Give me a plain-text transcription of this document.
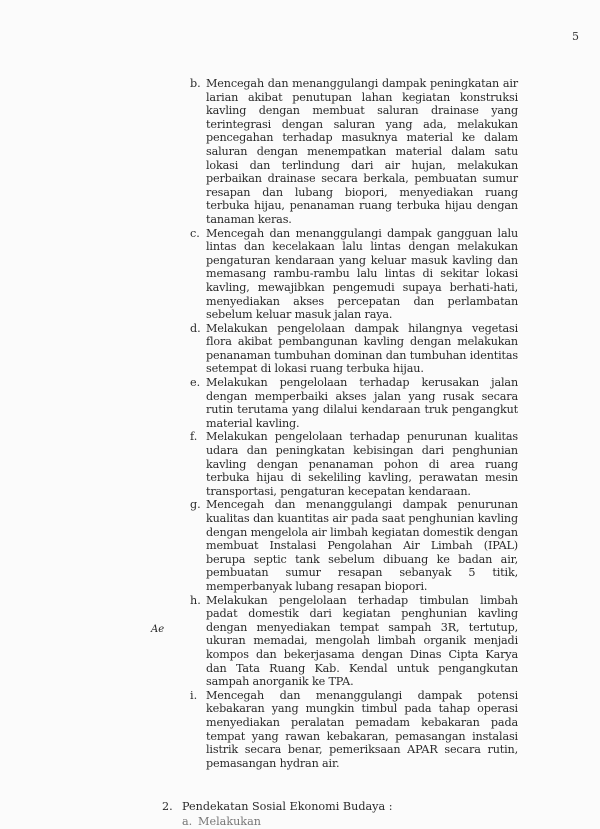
5
Ae
b. Mencegah dan menanggulangi dampak peningkatan air larian akibat penutupan lahan kegiatan konstruksi kavling dengan membuat saluran drainase yang terintegrasi dengan saluran yang ada, melakukan pencegahan terhadap masuknya material ke dalam saluran dengan menempatkan material dalam satu lokasi dan terlindung dari air hujan, melakukan perbaikan drainase secara berkala, pembuatan sumur resapan dan lubang biopori, menyediakan ruang terbuka hijau, penanaman ruang terbuka hijau dengan tanaman keras.
c. Mencegah dan menanggulangi dampak gangguan lalu lintas dan kecelakaan lalu lintas dengan melakukan pengaturan kendaraan yang keluar masuk kavling dan memasang rambu-rambu lalu lintas di sekitar lokasi kavling, mewajibkan pengemudi supaya berhati-hati, menyediakan akses percepatan dan perlambatan sebelum keluar masuk jalan raya.
d. Melakukan pengelolaan dampak hilangnya vegetasi flora akibat pembangunan kavling dengan melakukan penanaman tumbuhan dominan dan tumbuhan identitas setempat di lokasi ruang terbuka hijau.
e. Melakukan pengelolaan terhadap kerusakan jalan dengan memperbaiki akses jalan yang rusak secara rutin terutama yang dilalui kendaraan truk pengangkut material kavling.
f. Melakukan pengelolaan terhadap penurunan kualitas udara dan peningkatan kebisingan dari penghunian kavling dengan penanaman pohon di area ruang terbuka hijau di sekeliling kavling, perawatan mesin transportasi, pengaturan kecepatan kendaraan.
g. Mencegah dan menanggulangi dampak penurunan kualitas dan kuantitas air pada saat penghunian kavling dengan mengelola air limbah kegiatan domestik dengan membuat Instalasi Pengolahan Air Limbah (IPAL) berupa septic tank sebelum dibuang ke badan air, pembuatan sumur resapan sebanyak 5 titik, memperbanyak lubang resapan biopori.
h. Melakukan pengelolaan terhadap timbulan limbah padat domestik dari kegiatan penghunian kavling dengan menyediakan tempat sampah 3R, tertutup, ukuran memadai, mengolah limbah organik menjadi kompos dan bekerjasama dengan Dinas Cipta Karya dan Tata Ruang Kab. Kendal untuk pengangkutan sampah anorganik ke TPA.
i. Mencegah dan menanggulangi dampak potensi kebakaran yang mungkin timbul pada tahap operasi menyediakan peralatan pemadam kebakaran pada tempat yang rawan kebakaran, pemasangan instalasi listrik secara benar, pemeriksaan APAR secara rutin, pemasangan hydran air.
2. Pendekatan Sosial Ekonomi Budaya :
a. Melakukan
